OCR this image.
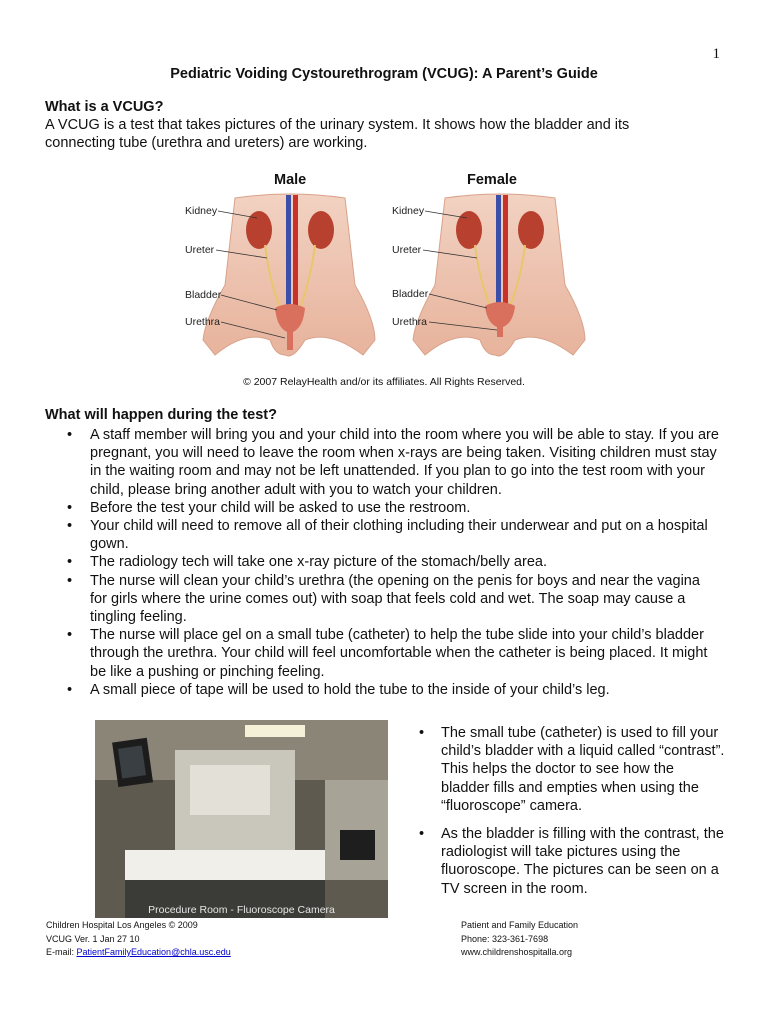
1
Pediatric Voiding Cystourethrogram (VCUG): A Parent’s Guide
What is a VCUG?
A VCUG is a test that takes pictures of the urinary system. It shows how the bladder and its
connecting tube (urethra and ureters) are working.
Male	Female
Kidney
Ureter
Bladder
Urethra
Kidney
Ureter
Bladder
Urethra
© 2007 RelayHealth and/or its affiliates. All Rights Reserved.
What will happen during the test?
• A staff member will bring you and your child into the room where you will be able to stay. If you are pregnant, you will need to leave the room when x-rays are being taken. Visiting children must stay in the waiting room and may not be left unattended. If you plan to go into the test room with your child, please bring another adult with you to watch your children.
• Before the test your child will be asked to use the restroom.
• Your child will need to remove all of their clothing including their underwear and put on a hospital gown.
• The radiology tech will take one x-ray picture of the stomach/belly area.
• The nurse will clean your child’s urethra (the opening on the penis for boys and near the vagina for girls where the urine comes out) with soap that feels cold and wet. The soap may cause a tingling feeling.
• The nurse will place gel on a small tube (catheter) to help the tube slide into your child’s bladder through the urethra. Your child will feel uncomfortable when the catheter is being placed. It might be like a pushing or pinching feeling.
• A small piece of tape will be used to hold the tube to the inside of your child’s leg.
Procedure Room - Fluoroscope Camera
• The small tube (catheter) is used to fill your child’s bladder with a liquid called “contrast”. This helps the doctor to see how the bladder fills and empties when using the “fluoroscope” camera.
• As the bladder is filling with the contrast, the radiologist will take pictures using the fluoroscope. The pictures can be seen on a TV screen in the room.
Children Hospital Los Angeles © 2009
VCUG Ver. 1 Jan 27 10
E-mail: PatientFamilyEducation@chla.usc.edu
Patient and Family Education
Phone: 323-361-7698
www.childrenshospitalla.org
